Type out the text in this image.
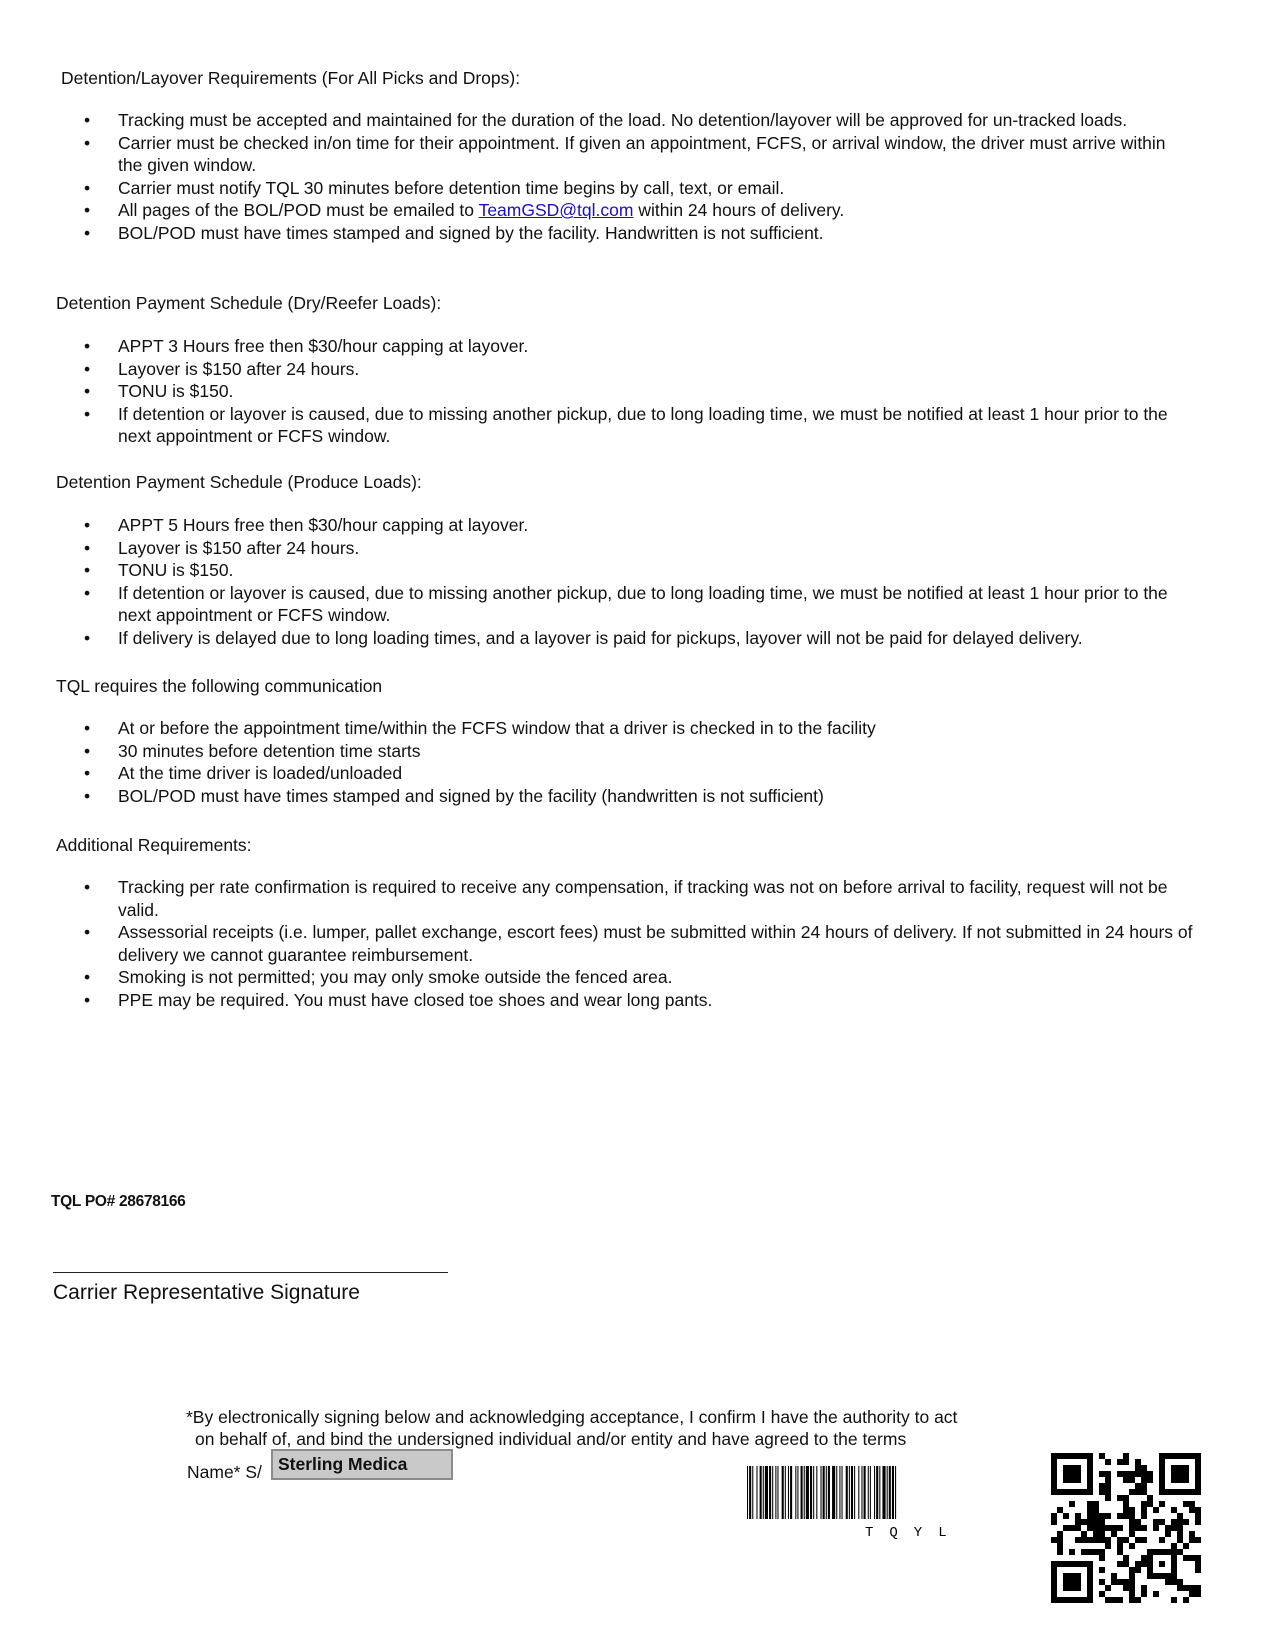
Detention/Layover Requirements (For All Picks and Drops):
• Tracking must be accepted and maintained for the duration of the load. No detention/layover will be approved for un-tracked loads.
• Carrier must be checked in/on time for their appointment. If given an appointment, FCFS, or arrival window, the driver must arrive within the given window.
• Carrier must notify TQL 30 minutes before detention time begins by call, text, or email.
• All pages of the BOL/POD must be emailed to TeamGSD@tql.com within 24 hours of delivery.
• BOL/POD must have times stamped and signed by the facility. Handwritten is not sufficient.
Detention Payment Schedule (Dry/Reefer Loads):
• APPT 3 Hours free then $30/hour capping at layover.
• Layover is $150 after 24 hours.
• TONU is $150.
• If detention or layover is caused, due to missing another pickup, due to long loading time, we must be notified at least 1 hour prior to the next appointment or FCFS window.
Detention Payment Schedule (Produce Loads):
• APPT 5 Hours free then $30/hour capping at layover.
• Layover is $150 after 24 hours.
• TONU is $150.
• If detention or layover is caused, due to missing another pickup, due to long loading time, we must be notified at least 1 hour prior to the next appointment or FCFS window.
• If delivery is delayed due to long loading times, and a layover is paid for pickups, layover will not be paid for delayed delivery.
TQL requires the following communication
• At or before the appointment time/within the FCFS window that a driver is checked in to the facility
• 30 minutes before detention time starts
• At the time driver is loaded/unloaded
• BOL/POD must have times stamped and signed by the facility (handwritten is not sufficient)
Additional Requirements:
• Tracking per rate confirmation is required to receive any compensation, if tracking was not on before arrival to facility, request will not be valid.
• Assessorial receipts (i.e. lumper, pallet exchange, escort fees) must be submitted within 24 hours of delivery. If not submitted in 24 hours of delivery we cannot guarantee reimbursement.
• Smoking is not permitted; you may only smoke outside the fenced area.
• PPE may be required. You must have closed toe shoes and wear long pants.
TQL PO# 28678166
Carrier Representative Signature
*By electronically signing below and acknowledging acceptance, I confirm I have the authority to act
on behalf of, and bind the undersigned individual and/or entity and have agreed to the terms
Name* S/ Sterling Medica
TQYL
